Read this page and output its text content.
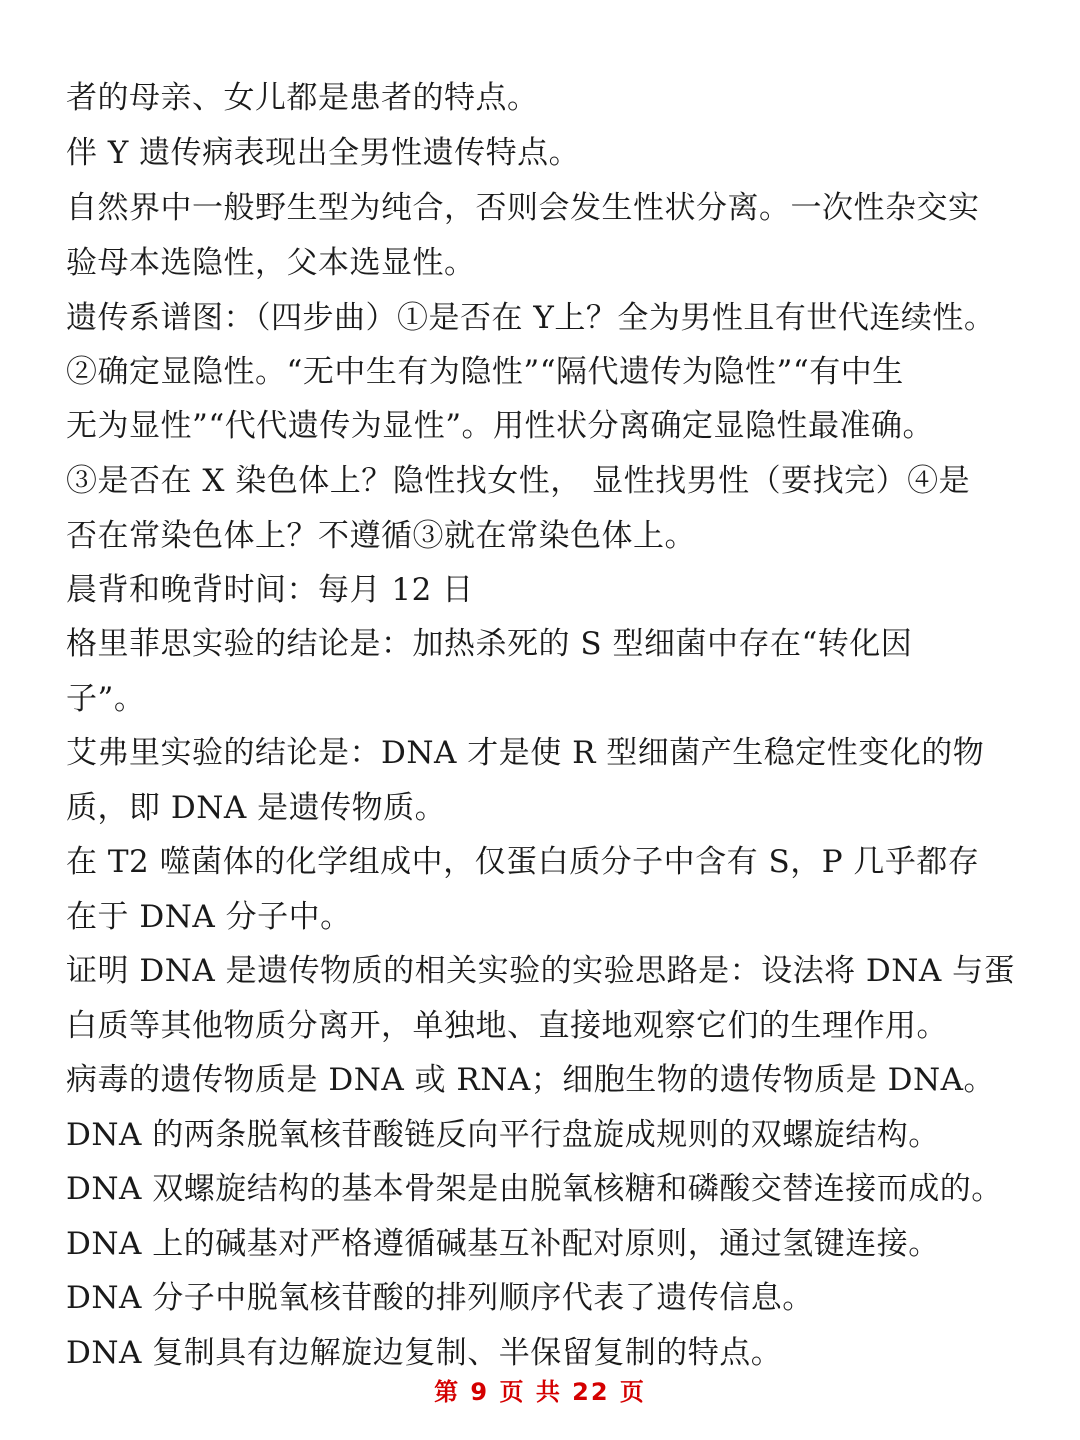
者的母亲、女儿都是患者的特点。
伴 Y 遗传病表现出全男性遗传特点。
自然界中一般野生型为纯合，否则会发生性状分离。一次性杂交实
验母本选隐性，父本选显性。
遗传系谱图：（四步曲）①是否在 Y上？全为男性且有世代连续性。
②确定显隐性。“无中生有为隐性”“隔代遗传为隐性”“有中生
无为显性”“代代遗传为显性”。用性状分离确定显隐性最准确。
③是否在 X 染色体上？隐性找女性， 显性找男性（要找完）④是
否在常染色体上？不遵循③就在常染色体上。
晨背和晚背时间：每月 12 日
格里菲思实验的结论是：加热杀死的 S 型细菌中存在“转化因
子”。
艾弗里实验的结论是：DNA 才是使 R 型细菌产生稳定性变化的物
质，即 DNA 是遗传物质。
在 T2 噬菌体的化学组成中，仅蛋白质分子中含有 S，P 几乎都存
在于 DNA 分子中。
证明 DNA 是遗传物质的相关实验的实验思路是：设法将 DNA 与蛋
白质等其他物质分离开，单独地、直接地观察它们的生理作用。
病毒的遗传物质是 DNA 或 RNA；细胞生物的遗传物质是 DNA。
DNA 的两条脱氧核苷酸链反向平行盘旋成规则的双螺旋结构。
DNA 双螺旋结构的基本骨架是由脱氧核糖和磷酸交替连接而成的。
DNA 上的碱基对严格遵循碱基互补配对原则，通过氢键连接。
DNA 分子中脱氧核苷酸的排列顺序代表了遗传信息。
DNA 复制具有边解旋边复制、半保留复制的特点。
第 9 页 共 22 页
